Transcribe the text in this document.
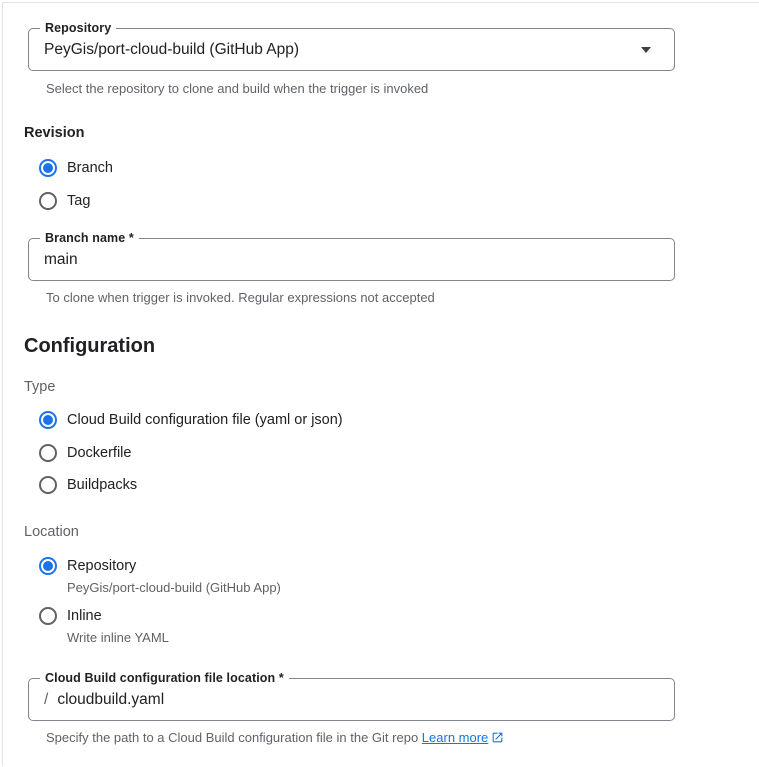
Repository
PeyGis/port-cloud-build (GitHub App)
Select the repository to clone and build when the trigger is invoked
Revision
Branch
Tag
Branch name *
main
To clone when trigger is invoked. Regular expressions not accepted
Configuration
Type
Cloud Build configuration file (yaml or json)
Dockerfile
Buildpacks
Location
Repository
PeyGis/port-cloud-build (GitHub App)
Inline
Write inline YAML
Cloud Build configuration file location *
/ cloudbuild.yaml
Specify the path to a Cloud Build configuration file in the Git repo Learn more
